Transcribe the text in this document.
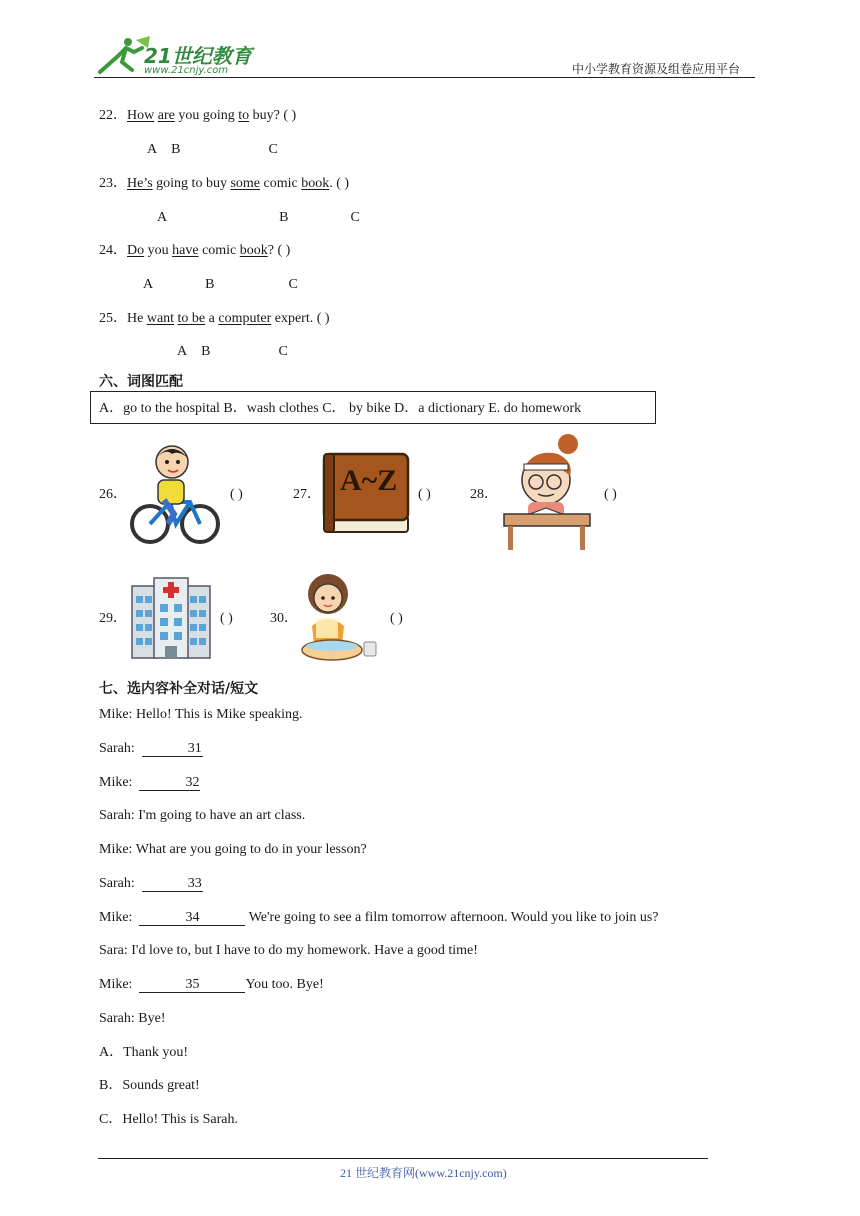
21世纪教育
www.21cnjy.com	中小学教育资源及组卷应用平台
22．How are you going to buy? ( )
A B	C
23．He’s going to buy some comic book. ( )
A	B	C
24．Do you have comic book? ( )
A	B	C
25．He want to be a computer expert. ( )
A B	C
六、词图匹配
A．go to the hospital B．wash clothes C． by bike D．a dictionary E. do homework
26．	( )	27． A~Z ( )	28．	( )
29．	( )	30．	( )
七、选内容补全对话/短文
Mike: Hello! This is Mike speaking.
Sarah:	31
Mike:	32
Sarah: I'm going to have an art class.
Mike: What are you going to do in your lesson?
Sarah:	33
Mike:	34	We're going to see a film tomorrow afternoon. Would you like to join us?
Sara: I'd love to, but I have to do my homework. Have a good time!
Mike:	35	You too. Bye!
Sarah: Bye!
A．Thank you!
B．Sounds great!
C．Hello! This is Sarah.
21 世纪教育网(www.21cnjy.com)
